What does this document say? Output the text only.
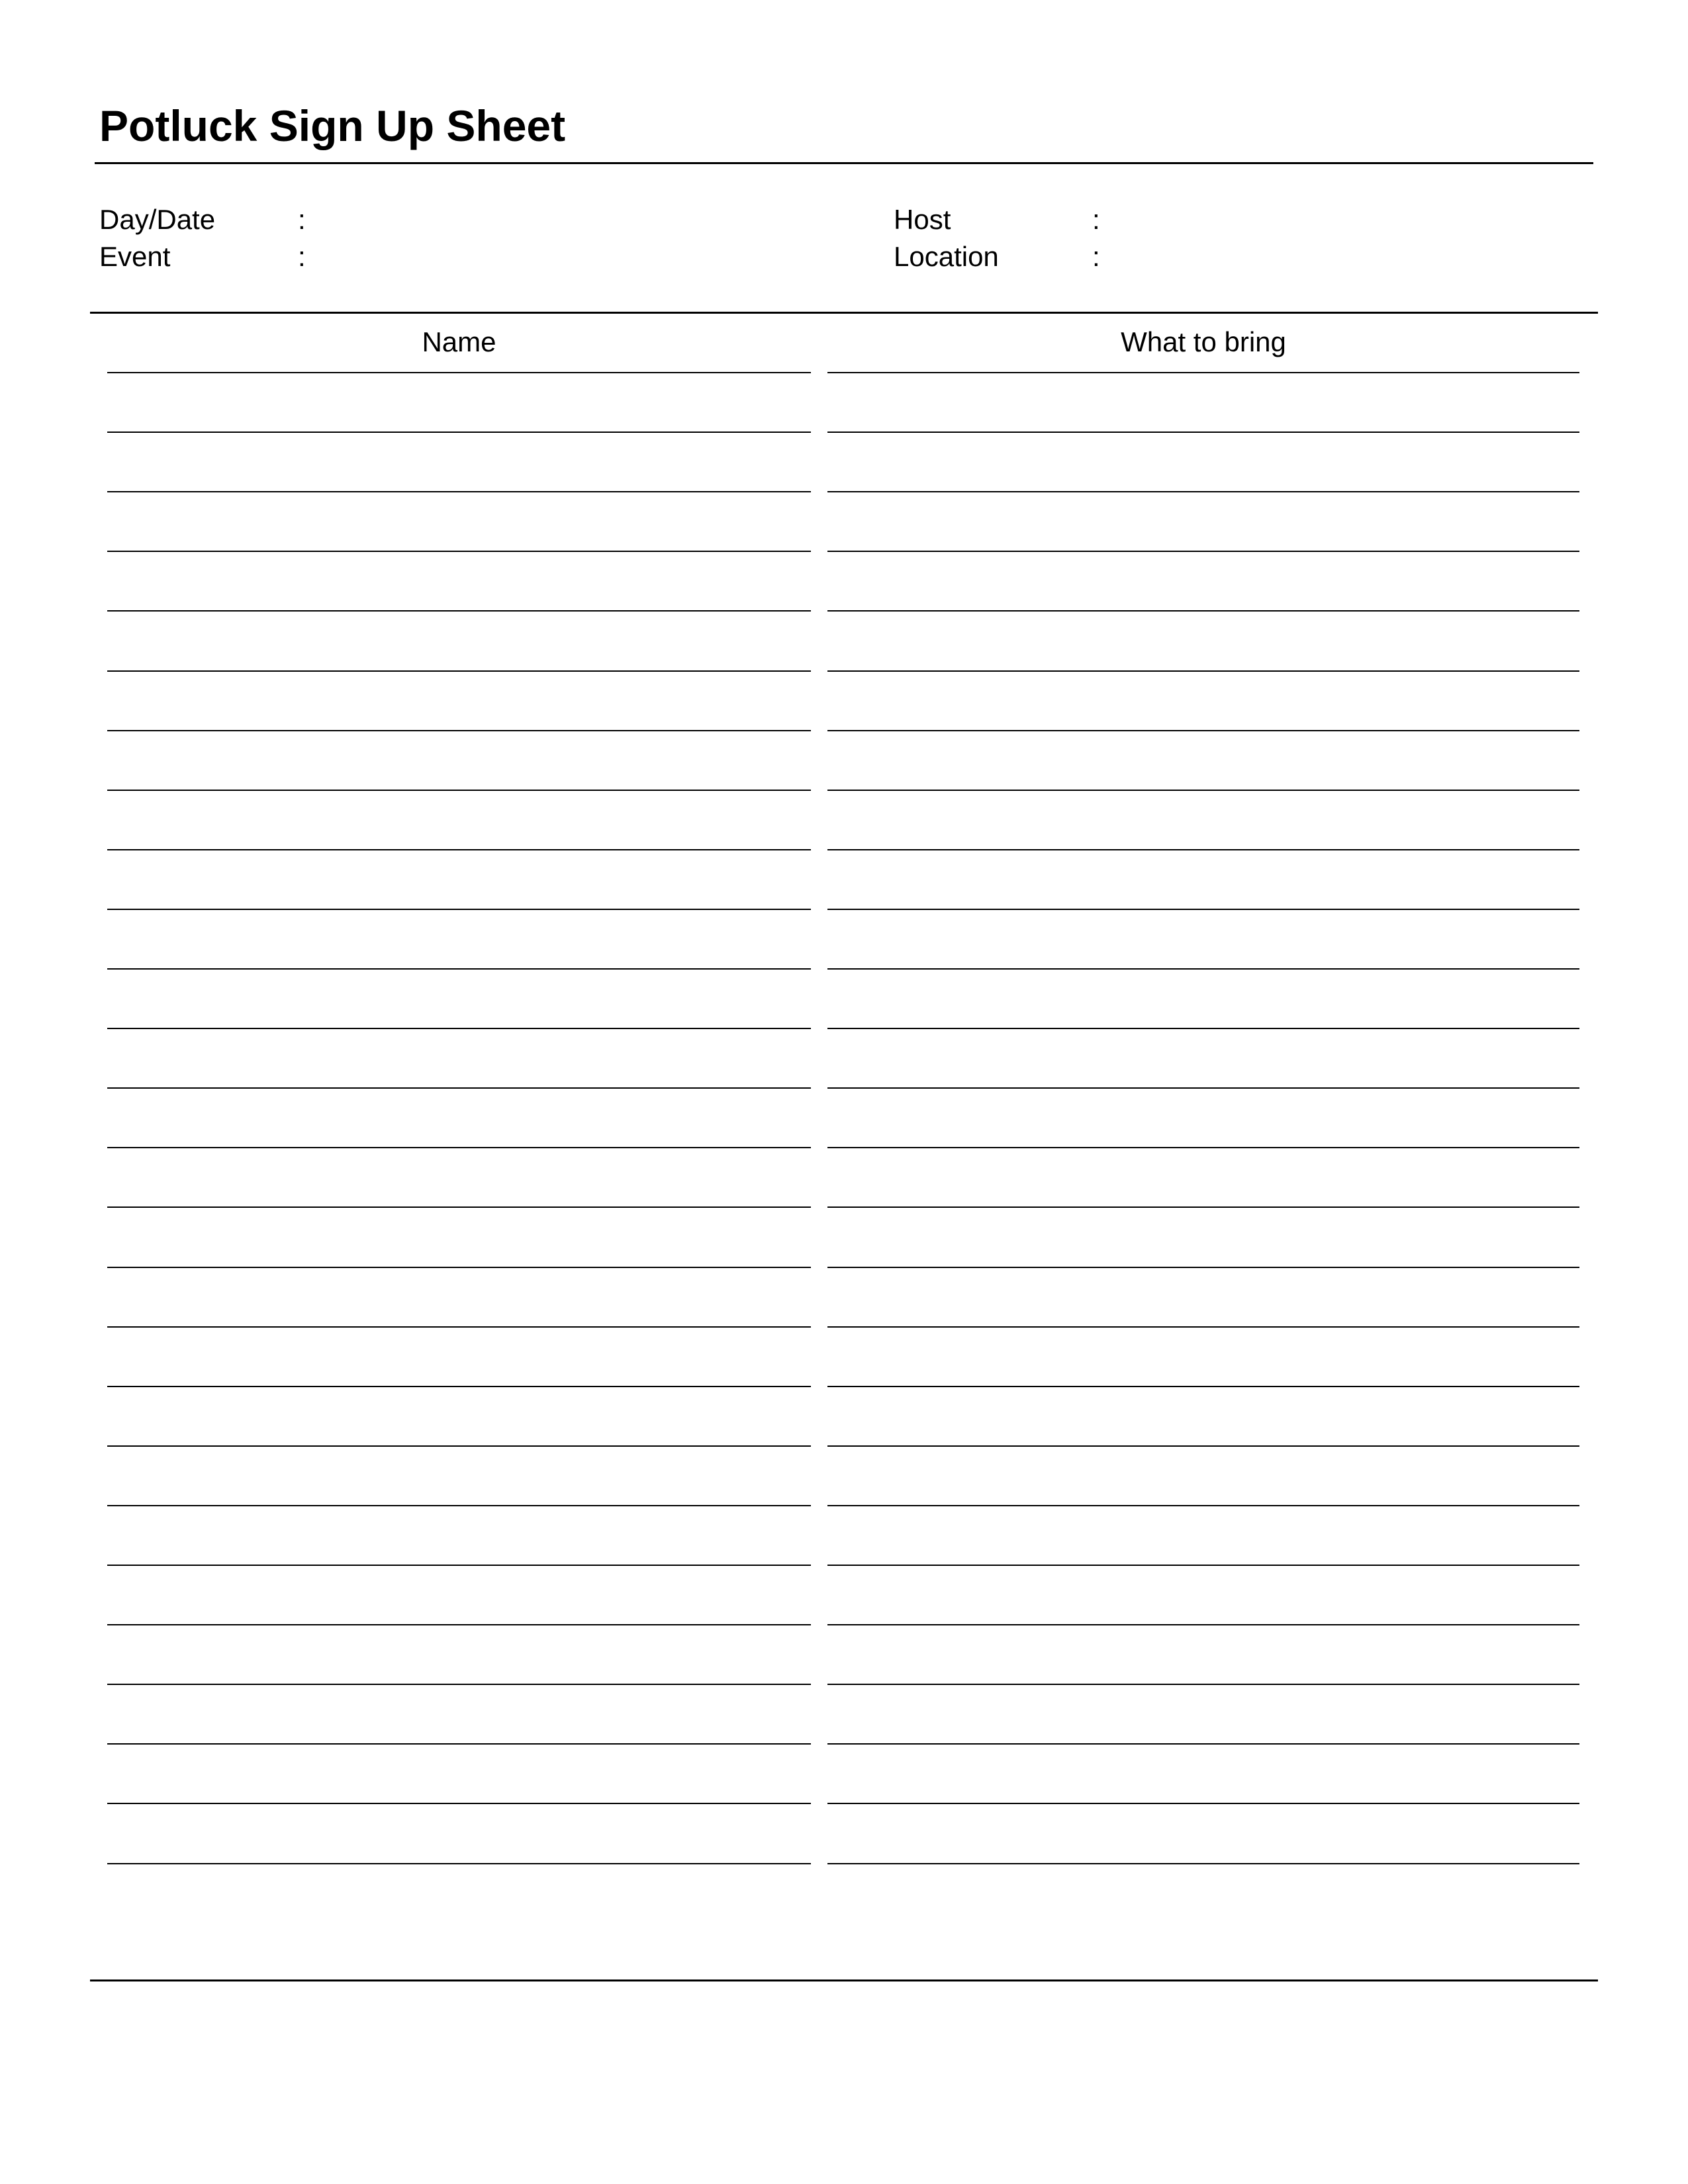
Potluck Sign Up Sheet
Day/Date	:
Event	:
Host	:
Location	:
Name	What to bring
